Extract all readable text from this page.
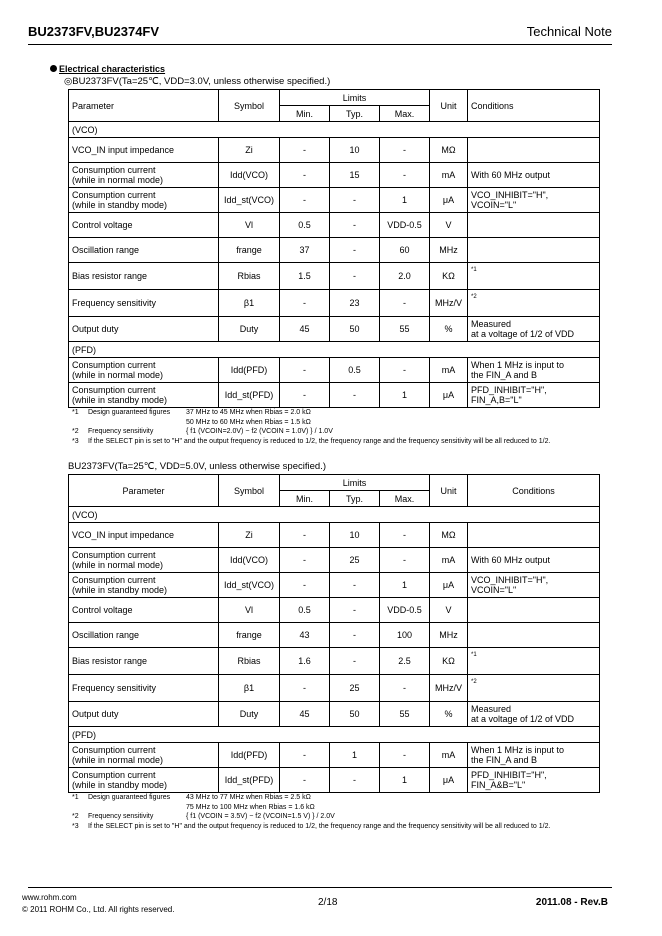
BU2373FV,BU2374FV	Technical Note
Electrical characteristics
◎BU2373FV(Ta=25℃, VDD=3.0V, unless otherwise specified.)
Parameter	Symbol	Limits			Unit	Conditions
		Min.	Typ.	Max.		
(VCO)						
VCO_IN input impedance	Zi	-	10	-	MΩ	
Consumption current
(while in normal mode)	Idd(VCO)	-	15	-	mA	With 60 MHz output
Consumption current
(while in standby mode)	Idd_st(VCO)	-	-	1	μA	VCO_INHIBIT="H",
VCOIN="L"
Control voltage	Vl	0.5	-	VDD-0.5	V	
Oscillation range	frange	37	-	60	MHz	
Bias resistor range	Rbias	1.5	-	2.0	KΩ	*1
Frequency sensitivity	β1	-	23	-	MHz/V	*2
Output duty	Duty	45	50	55	%	Measured
at a voltage of 1/2 of VDD
(PFD)						
Consumption current
(while in normal mode)	Idd(PFD)	-	0.5	-	mA	When 1 MHz is input to
the FIN_A and B
Consumption current
(while in standby mode)	Idd_st(PFD)	-	-	1	μA	PFD_INHIBIT="H",
FIN_A,B="L"
*1	Design guaranteed figures	37 MHz to 45 MHz when Rbias = 2.0 kΩ
50 MHz to 60 MHz when Rbias = 1.5 kΩ
*2	Frequency sensitivity	{ f1 (VCOIN=2.0V) − f2 (VCOIN = 1.0V) } / 1.0V
*3	If the SELECT pin is set to "H" and the output frequency is reduced to 1/2, the frequency range and the frequency sensitivity will be all reduced to 1/2.
BU2373FV(Ta=25℃, VDD=5.0V, unless otherwise specified.)
Parameter	Symbol	Limits			Unit	Conditions
		Min.	Typ.	Max.		
(VCO)						
VCO_IN input impedance	Zi	-	10	-	MΩ	
Consumption current
(while in normal mode)	Idd(VCO)	-	25	-	mA	With 60 MHz output
Consumption current
(while in standby mode)	Idd_st(VCO)	-	-	1	μA	VCO_INHIBIT="H",
VCOIN="L"
Control voltage	Vl	0.5	-	VDD-0.5	V	
Oscillation range	frange	43	-	100	MHz	
Bias resistor range	Rbias	1.6	-	2.5	KΩ	*1
Frequency sensitivity	β1	-	25	-	MHz/V	*2
Output duty	Duty	45	50	55	%	Measured
at a voltage of 1/2 of VDD
(PFD)						
Consumption current
(while in normal mode)	Idd(PFD)	-	1	-	mA	When 1 MHz is input to
the FIN_A and B
Consumption current
(while in standby mode)	Idd_st(PFD)	-	-	1	μA	PFD_INHIBIT="H",
FIN_A&B="L"
*1	Design guaranteed figures	43 MHz to 77 MHz when Rbias = 2.5 kΩ
75 MHz to 100 MHz when Rbias = 1.6 kΩ
*2	Frequency sensitivity	{ f1 (VCOIN = 3.5V) − f2 (VCOIN=1.5 V) } / 2.0V
*3	If the SELECT pin is set to "H" and the output frequency is reduced to 1/2, the frequency range and the frequency sensitivity will be all reduced to 1/2.
www.rohm.com
© 2011 ROHM Co., Ltd. All rights reserved.
2/18	2011.08 - Rev.B
